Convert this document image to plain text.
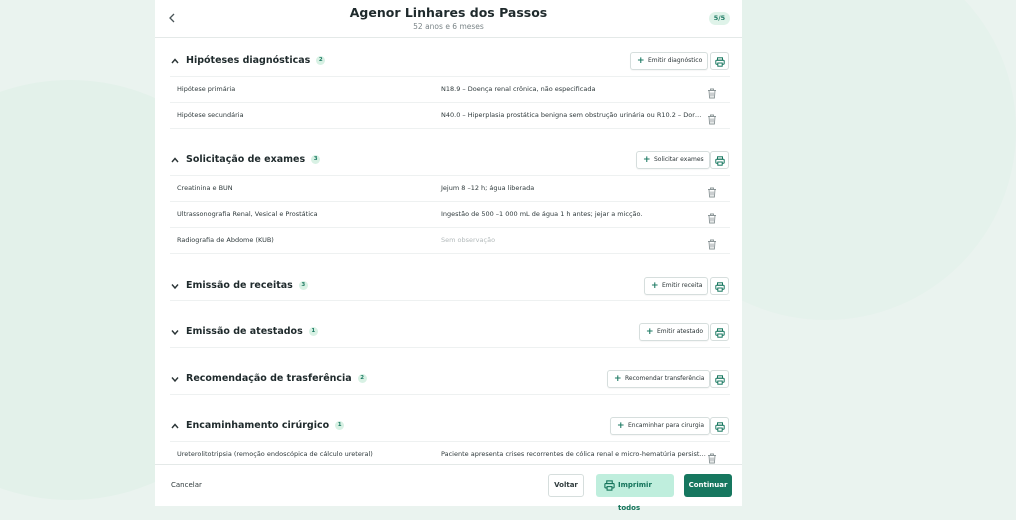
Agenor Linhares dos Passos
52 anos e 6 meses
5/5
Hipóteses diagnósticas 2	+ Emitir diagnóstico
Hipótese primária	N18.9 – Doença renal crônica, não especificada
Hipótese secundária	N40.0 – Hiperplasia prostática benigna sem obstrução urinária ou R10.2 – Dor…
Solicitação de exames 3	+ Solicitar exames
Creatinina e BUN	Jejum 8 –12 h; água liberada
Ultrassonografia Renal, Vesical e Prostática	Ingestão de 500 –1 000 mL de água 1 h antes; jejar a micção.
Radiografia de Abdome (KUB)	Sem observação
Emissão de receitas 3	+ Emitir receita
Emissão de atestados 1	+ Emitir atestado
Recomendação de trasferência 2	+ Recomendar transferência
Encaminhamento cirúrgico 1	+ Encaminhar para cirurgia
Ureterolitotripsia (remoção endoscópica de cálculo ureteral)	Paciente apresenta crises recorrentes de cólica renal e micro-hematúria persist…
Cancelar	Voltar	Imprimir todos
Continuar
